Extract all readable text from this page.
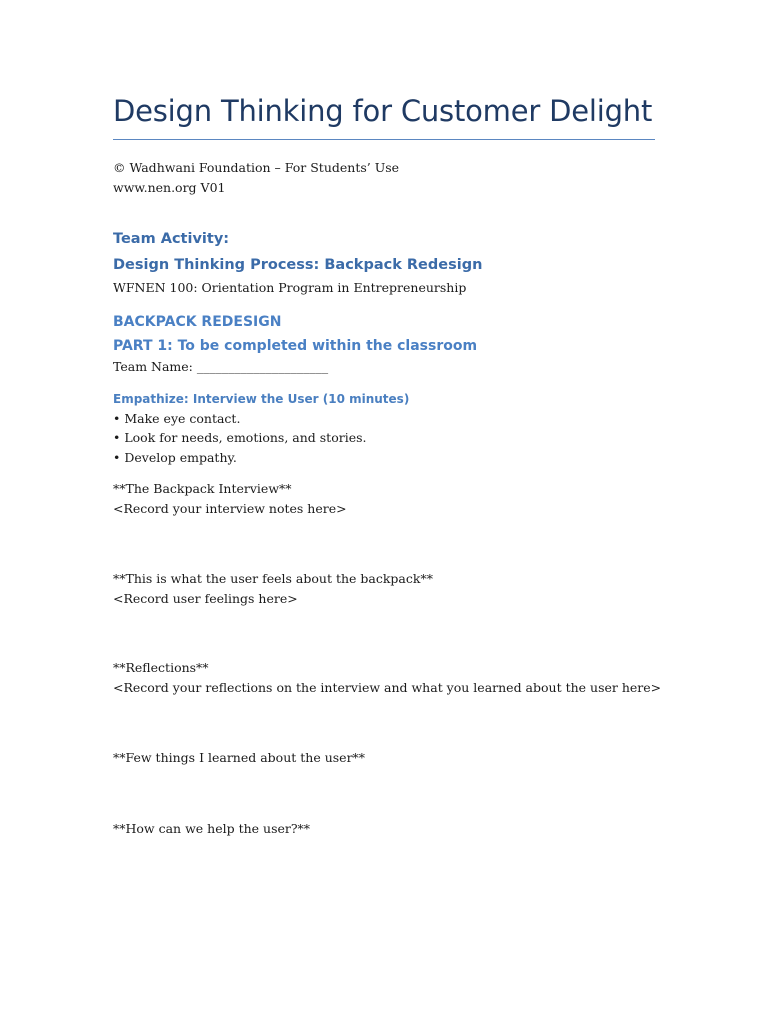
Design Thinking for Customer Delight
© Wadhwani Foundation – For Students’ Use
www.nen.org V01
Team Activity:
Design Thinking Process: Backpack Redesign
WFNEN 100: Orientation Program in Entrepreneurship
BACKPACK REDESIGN
PART 1: To be completed within the classroom
Team Name: _____________________
Empathize: Interview the User (10 minutes)
• Make eye contact.
• Look for needs, emotions, and stories.
• Develop empathy.
**The Backpack Interview**
<Record your interview notes here>
**This is what the user feels about the backpack**
<Record user feelings here>
**Reflections**
<Record your reflections on the interview and what you learned about the user here>
**Few things I learned about the user**
**How can we help the user?**
